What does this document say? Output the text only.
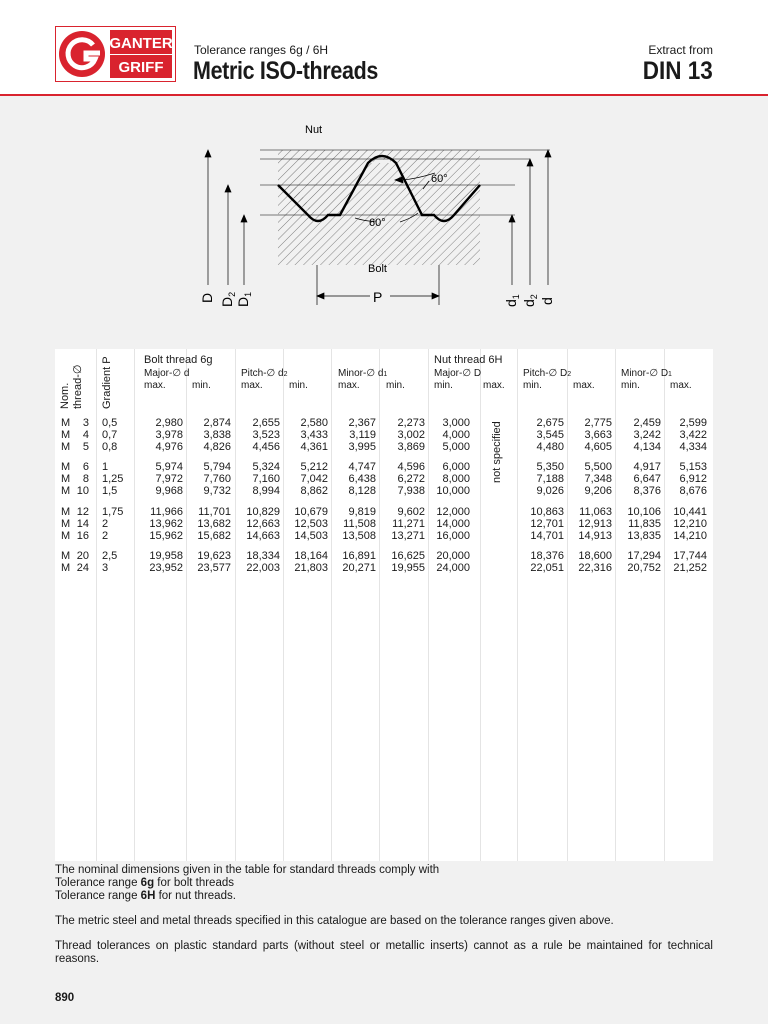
GANTER
GRIFF
Tolerance ranges 6g / 6H
Metric ISO-threads
Extract from
DIN 13
Nut
Bolt
60°
60°
P
D $D_2$
$D_1$
$d_1$
$d_2$
d
Nom. thread-∅ Gradient P	Bolt thread 6g	Nut thread 6H
Major-∅ d	Pitch-∅ d2	Minor-∅ d1	Major-∅ D	Pitch-∅ D2	Minor-∅ D1
max.	min.	max.	min.	max.	min.	min.	max. min.	max.	min.	max.
not specified
M	3 0,5	2,980 2,874 2,655 2,580 2,367 2,273 3,000	2,675 2,775 2,459 2,599
M	4 0,7	3,978 3,838 3,523 3,433 3,119 3,002 4,000	3,545 3,663 3,242 3,422
M	5 0,8	4,976 4,826 4,456 4,361 3,995 3,869 5,000	4,480 4,605 4,134 4,334
M	6 1	5,974 5,794 5,324 5,212 4,747 4,596 6,000	5,350 5,500 4,917 5,153
M	8 1,25	7,972 7,760 7,160 7,042 6,438 6,272 8,000	7,188 7,348 6,647 6,912
M 10 1,5	9,968 9,732 8,994 8,862 8,128 7,938 10,000	9,026 9,206 8,376 8,676
M 12 1,75 11,966 11,701 10,829 10,679 9,819 9,602 12,000	10,863 11,063 10,106 10,441
M 14 2	13,962 13,682 12,663 12,503 11,508 11,271 14,000	12,701 12,913 11,835 12,210
M 16 2	15,962 15,682 14,663 14,503 13,508 13,271 16,000	14,701 14,913 13,835 14,210
M 20 2,5	19,958 19,623 18,334 18,164 16,891 16,625 20,000	18,376 18,600 17,294 17,744
M 24 3	23,952 23,577 22,003 21,803 20,271 19,955 24,000	22,051 22,316 20,752 21,252

The nominal dimensions given in the table for standard threads comply with

Tolerance range 6g for bolt threads

Tolerance range 6H for nut threads.

The metric steel and metal threads specified in this catalogue are based on the tolerance ranges given above.

Thread tolerances on plastic standard parts (without steel or metallic inserts) cannot as a rule be maintained for technical reasons.

890
